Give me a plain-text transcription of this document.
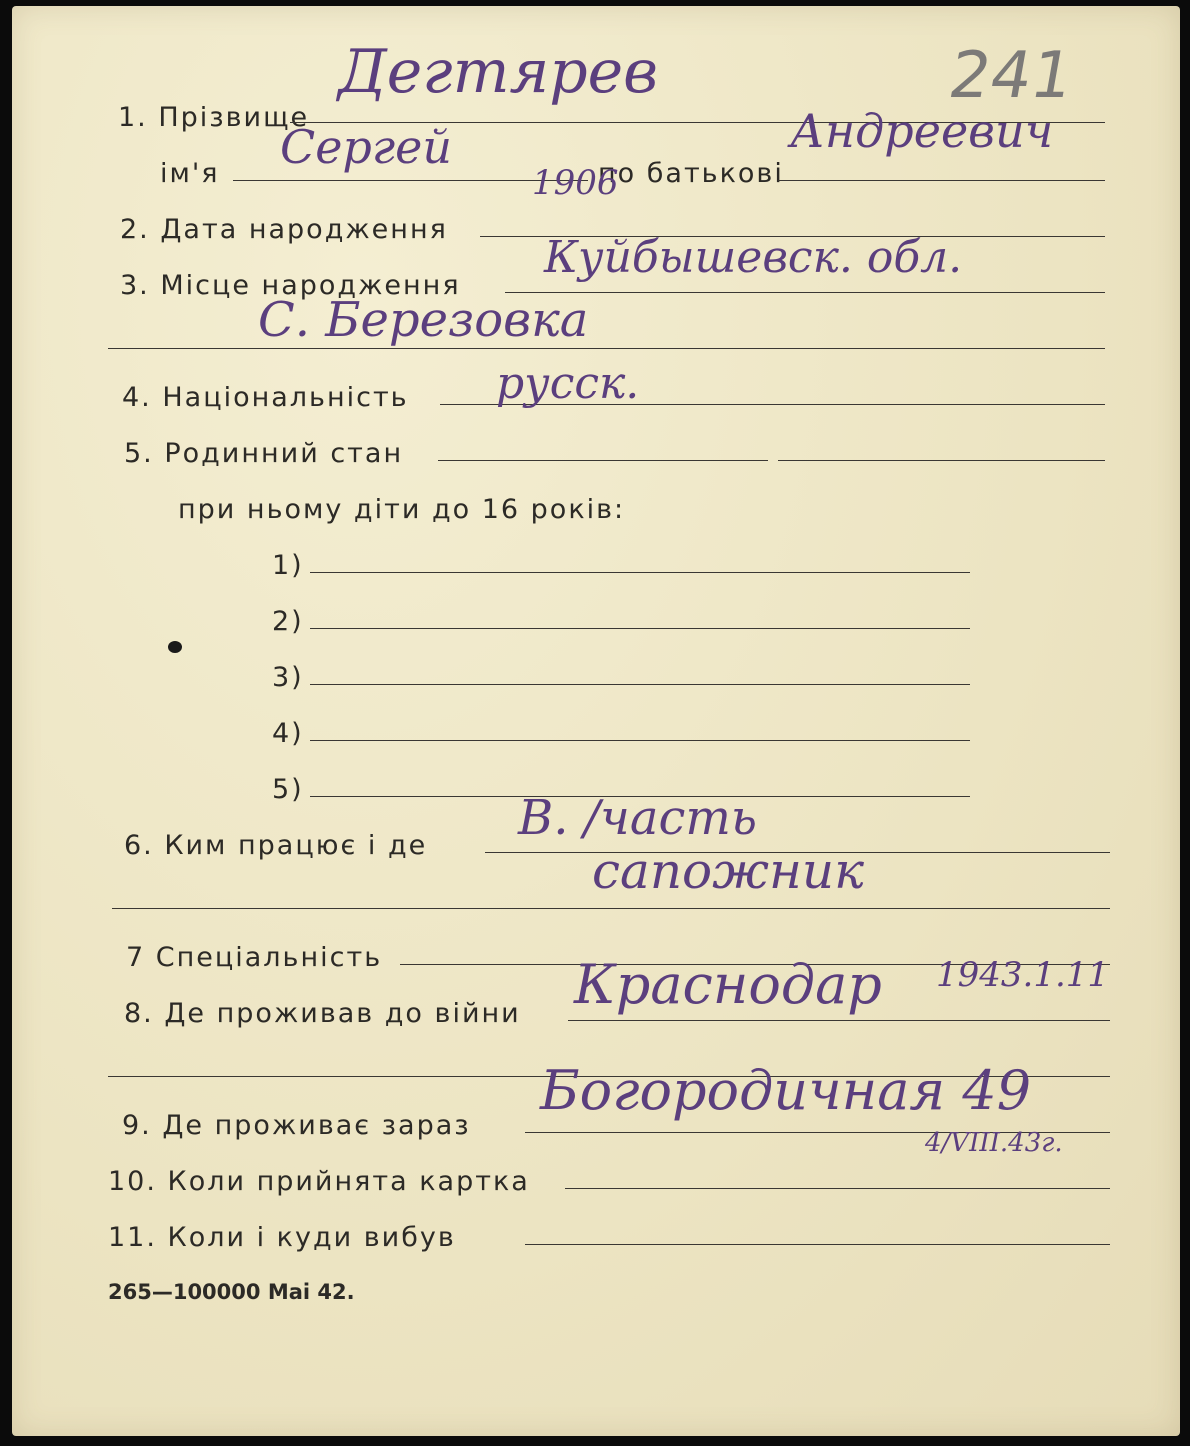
1. Прізвище
ім'я	по батькові
2. Дата народження
3. Місце народження
4. Національність
5. Родинний стан
при ньому діти до 16 років:
1)
2)
3)
4)
5)
6. Ким працює і де
7 Спеціальність
8. Де проживав до війни
9. Де проживає зараз
10. Коли прийнята картка
11. Коли і куди вибув
265—100000 Mai 42.
241
Дегтярев
Сергей	Андреевич
1906
Куйбышевск. обл.
С. Березовка
русск.
В. /часть
сапожник
Краснодар 1943.1.11
Богородичная 49
4/VIII.43г.
